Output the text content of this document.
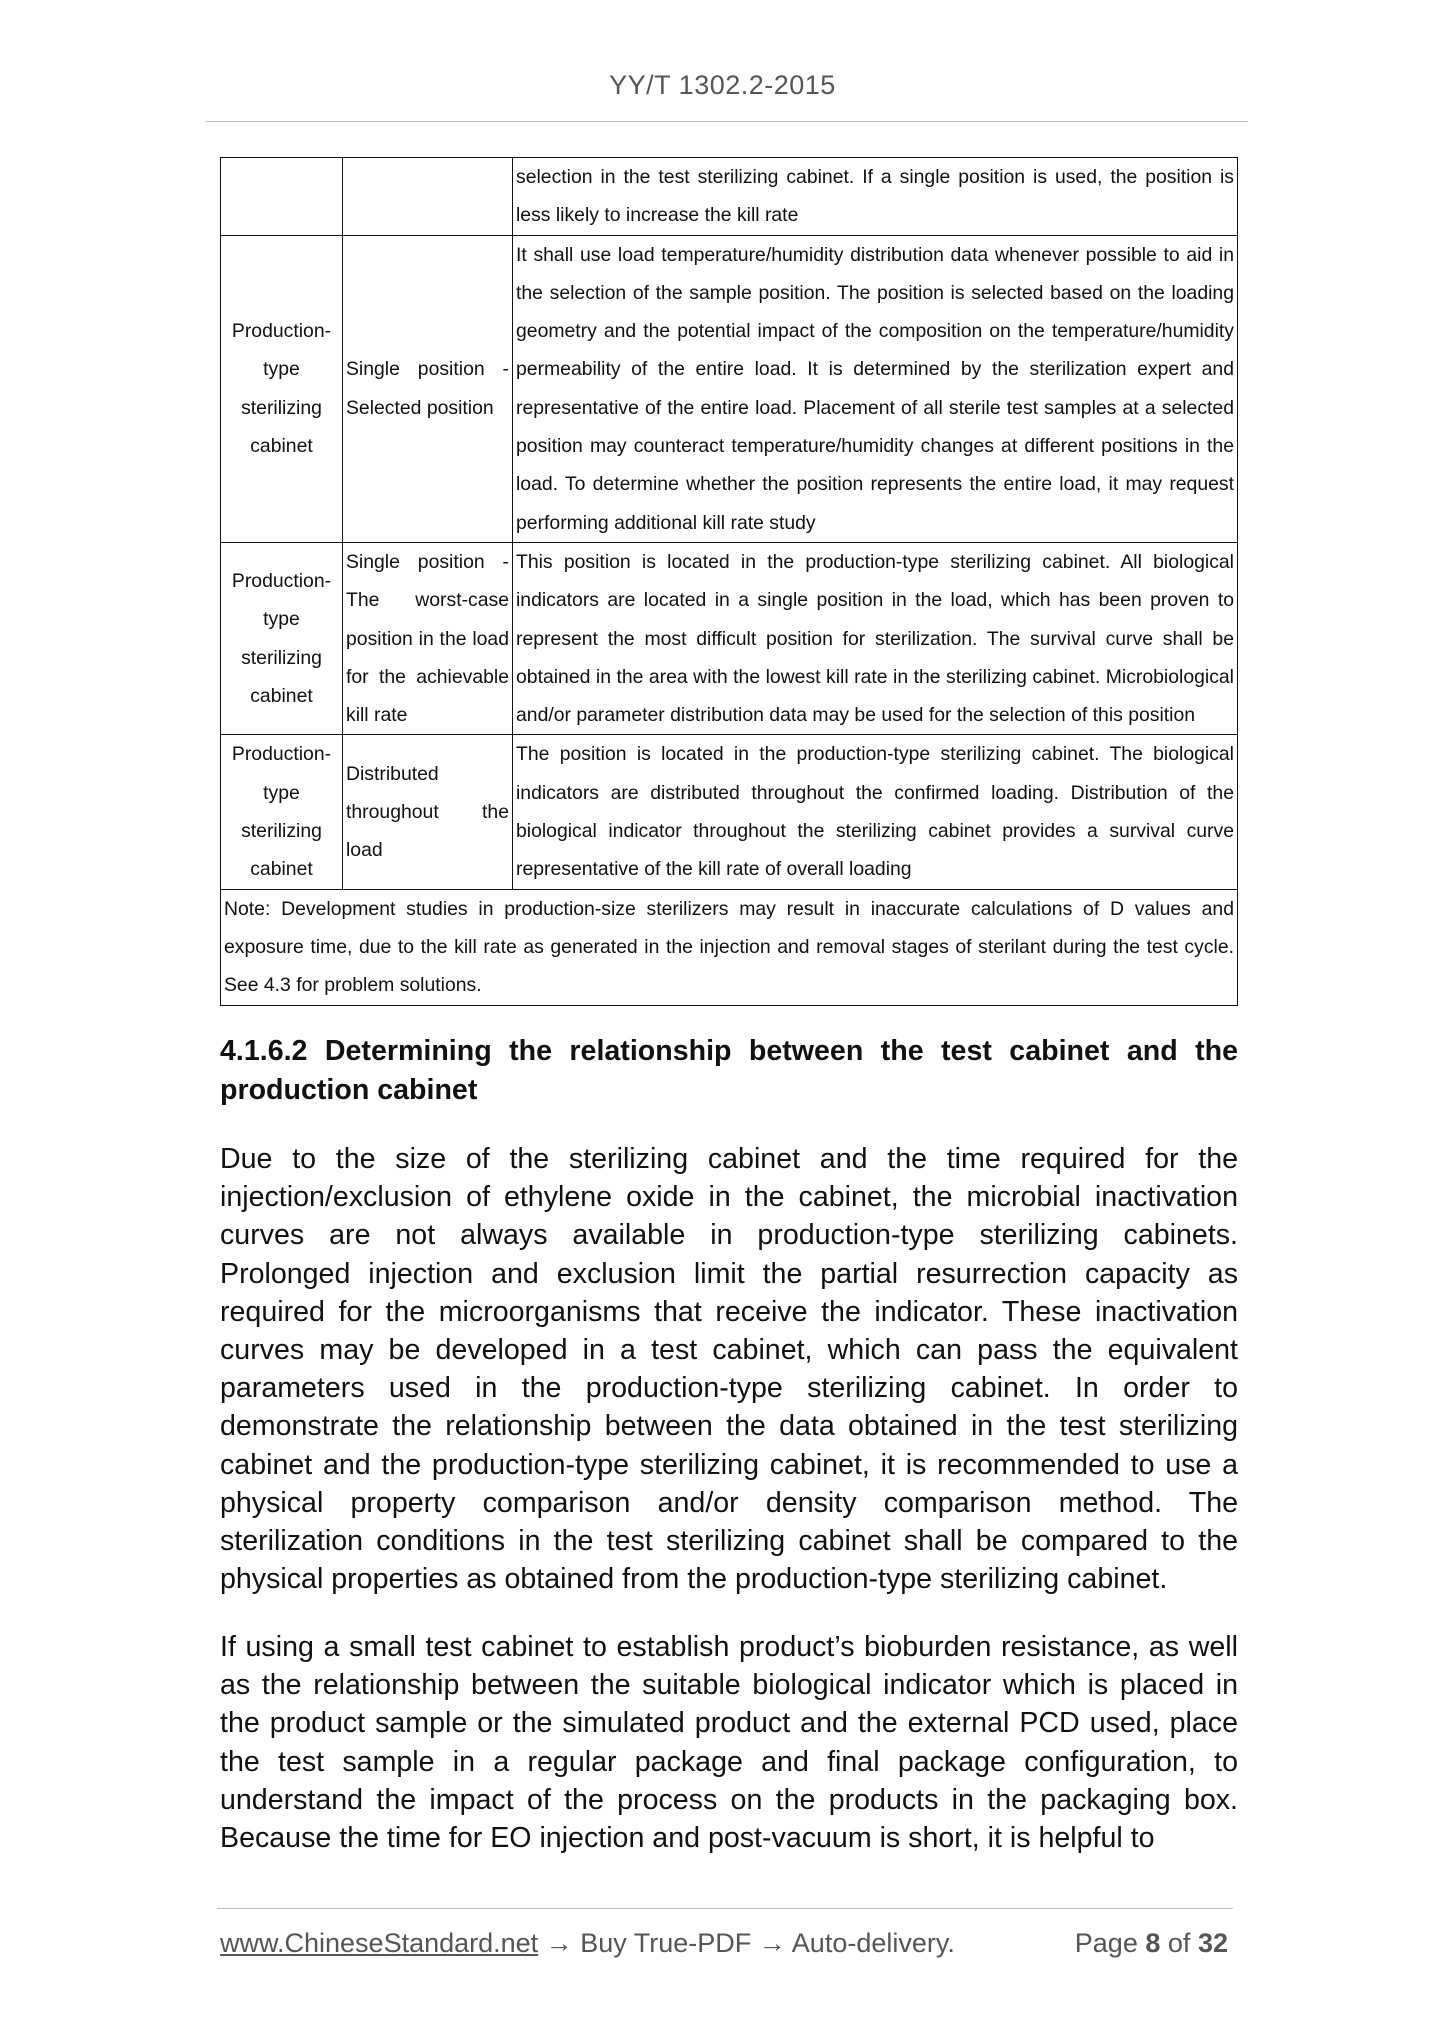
YY/T 1302.2-2015
		selection in the test sterilizing cabinet. If a single position is used, the position is less likely to increase the kill rate
Production-type sterilizing cabinet	Single position - Selected position	It shall use load temperature/humidity distribution data whenever possible to aid in the selection of the sample position. The position is selected based on the loading geometry and the potential impact of the composition on the temperature/humidity permeability of the entire load. It is determined by the sterilization expert and representative of the entire load. Placement of all sterile test samples at a selected position may counteract temperature/humidity changes at different positions in the load. To determine whether the position represents the entire load, it may request performing additional kill rate study
Production-type sterilizing cabinet	Single position - The worst-case position in the load for the achievable kill rate	This position is located in the production-type sterilizing cabinet. All biological indicators are located in a single position in the load, which has been proven to represent the most difficult position for sterilization. The survival curve shall be obtained in the area with the lowest kill rate in the sterilizing cabinet. Microbiological and/or parameter distribution data may be used for the selection of this position
Production-type sterilizing cabinet	Distributed throughout the load	The position is located in the production-type sterilizing cabinet. The biological indicators are distributed throughout the confirmed loading. Distribution of the biological indicator throughout the sterilizing cabinet provides a survival curve representative of the kill rate of overall loading
Note: Development studies in production-size sterilizers may result in inaccurate calculations of D values and exposure time, due to the kill rate as generated in the injection and removal stages of sterilant during the test cycle. See 4.3 for problem solutions.		
4.1.6.2 Determining the relationship between the test cabinet and the production cabinet

Due to the size of the sterilizing cabinet and the time required for the injection/exclusion of ethylene oxide in the cabinet, the microbial inactivation curves are not always available in production-type sterilizing cabinets. Prolonged injection and exclusion limit the partial resurrection capacity as required for the microorganisms that receive the indicator. These inactivation curves may be developed in a test cabinet, which can pass the equivalent parameters used in the production-type sterilizing cabinet. In order to demonstrate the relationship between the data obtained in the test sterilizing cabinet and the production-type sterilizing cabinet, it is recommended to use a physical property comparison and/or density comparison method. The sterilization conditions in the test sterilizing cabinet shall be compared to the physical properties as obtained from the production-type sterilizing cabinet.

If using a small test cabinet to establish product’s bioburden resistance, as well as the relationship between the suitable biological indicator which is placed in the product sample or the simulated product and the external PCD used, place the test sample in a regular package and final package configuration, to understand the impact of the process on the products in the packaging box. Because the time for EO injection and post-vacuum is short, it is helpful to

www.ChineseStandard.net → Buy True-PDF → Auto-delivery.	Page 8 of 32
